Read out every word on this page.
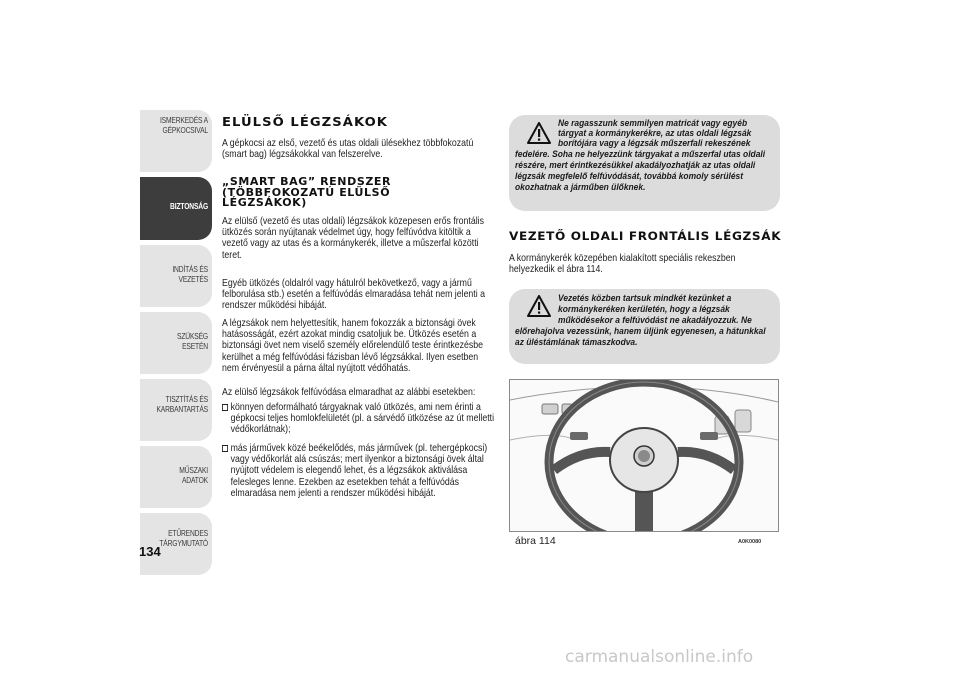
ISMERKEDÉS A
GÉPKOCSIVAL
BIZTONSÁG
INDÍTÁS ÉS VEZETÉS
SZÜKSÉG ESETÉN
TISZTÍTÁS ÉS
KARBANTARTÁS
MŰSZAKI ADATOK
ETŰRENDES
TÁRGYMUTATÓ
134
ELÜLSŐ LÉGZSÁKOK
A gépkocsi az első, vezető és utas oldali ülésekhez többfokozatú (smart bag) légzsákokkal van felszerelve.
„SMART BAG” RENDSZER (TÖBBFOKOZATÚ ELÜLSŐ LÉGZSÁKOK)
Az elülső (vezető és utas oldali) légzsákok közepesen erős frontális ütközés során nyújtanak védelmet úgy, hogy felfúvódva kitöltik a vezető vagy az utas és a kormánykerék, illetve a műszerfal közötti teret.
Egyéb ütközés (oldalról vagy hátulról bekövetkező, vagy a jármű felborulása stb.) esetén a felfúvódás elmaradása tehát nem jelenti a rendszer működési hibáját.
A légzsákok nem helyettesítik, hanem fokozzák a biztonsági övek hatásosságát, ezért azokat mindig csatoljuk be. Ütközés esetén a biztonsági övet nem viselő személy előrelendülő teste érintkezésbe kerülhet a még felfúvódási fázisban lévő légzsákkal. Ilyen esetben nem érvényesül a párna által nyújtott védőhatás.
Az elülső légzsákok felfúvódása elmaradhat az alábbi esetekben:
könnyen deformálható tárgyaknak való ütközés, ami nem érinti a gépkocsi teljes homlokfelületét (pl. a sárvédő ütközése az út melletti védőkorlátnak);
más járművek közé beékelődés, más járművek (pl. tehergépkocsi) vagy védőkorlát alá csúszás; mert ilyenkor a biztonsági övek által nyújtott védelem is elegendő lehet, és a légzsákok aktiválása felesleges lenne. Ezekben az esetekben tehát a felfúvódás elmaradása nem jelenti a rendszer működési hibáját.
Ne ragasszunk semmilyen matricát vagy egyéb
tárgyat a kormánykerékre, az utas oldali légzsák
borítójára vagy a légzsák műszerfali rekeszének
fedelére. Soha ne helyezzünk tárgyakat a műszerfal utas oldali
részére, mert érintkezésükkel akadályozhatják az utas oldali
légzsák megfelelő felfúvódását, továbbá komoly sérülést
okozhatnak a járműben ülőknek.
VEZETŐ OLDALI FRONTÁLIS LÉGZSÁK
A kormánykerék közepében kialakított speciális rekeszben helyezkedik el ábra 114.
Vezetés közben tartsuk mindkét kezünket a
kormánykeréken kerületén, hogy a légzsák
működésekor a felfúvódást ne akadályozzuk. Ne
előrehajolva vezessünk, hanem üljünk egyenesen, a hátunkkal
az üléstámlának támaszkodva.
ábra 114	A0K0080
carmanualsonline.info
